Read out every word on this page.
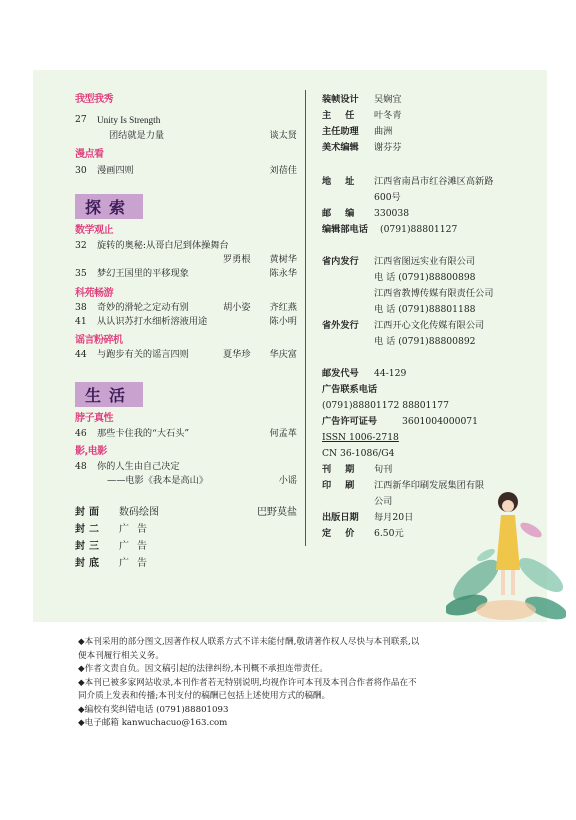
我型我秀
27	Unity Is Strength
团结就是力量	谈太贤
漫点看
30	漫画四则	刘蓓佳
探索
数学观止
32	旋转的奥秘:从哥白尼到体操舞台
罗勇根 黄树华
35	梦幻王国里的平移现象	陈永华
科苑畅游
38	奇妙的滑轮之定动有别	胡小姿 齐红燕
41	从认识苏打水细析溶液用途	陈小明
谣言粉碎机
44	与跑步有关的谣言四则	夏华珍 华庆富
生活
脖子真性
46	那些卡住我的“大石头”	何孟革
影,电影
48	你的人生由自己决定
——电影《我本是高山》	小谣
封面 数码绘图	巴野莫盐
封二 广告
封三 广告
封底 广告
装帧设计 吴娴宜
主任 叶冬青
主任助理 曲洲
美术编辑 谢芬芬
地址 江西省南昌市红谷滩区高新路
600号
邮编 330038
编辑部电话 (0791)88801127
省内发行 江西省图远实业有限公司
电 话 (0791)88800898
江西省教博传媒有限责任公司
电 话 (0791)88801188
省外发行 江西开心文化传媒有限公司
电 话 (0791)88800892
邮发代号 44-129
广告联系电话
(0791)88801172 88801177
广告许可证号	3601004000071
ISSN 1006-2718
CN 36-1086/G4
刊期 旬刊
印刷 江西新华印刷发展集团有限
公司
出版日期 每月20日
定价 6.50元

◆本刊采用的部分图文,因著作权人联系方式不详未能付酬,敬请著作权人尽快与本刊联系,以

便本刊履行相关义务。

◆作者文责自负。因文稿引起的法律纠纷,本刊概不承担连带责任。

◆本刊已被多家网站收录,本刊作者若无特别说明,均视作许可本刊及本刊合作者将作品在不

同介质上发表和传播;本刊支付的稿酬已包括上述使用方式的稿酬。

◆编校有奖纠错电话 (0791)88801093

◆电子邮箱 kanwuchacuo@163.com
